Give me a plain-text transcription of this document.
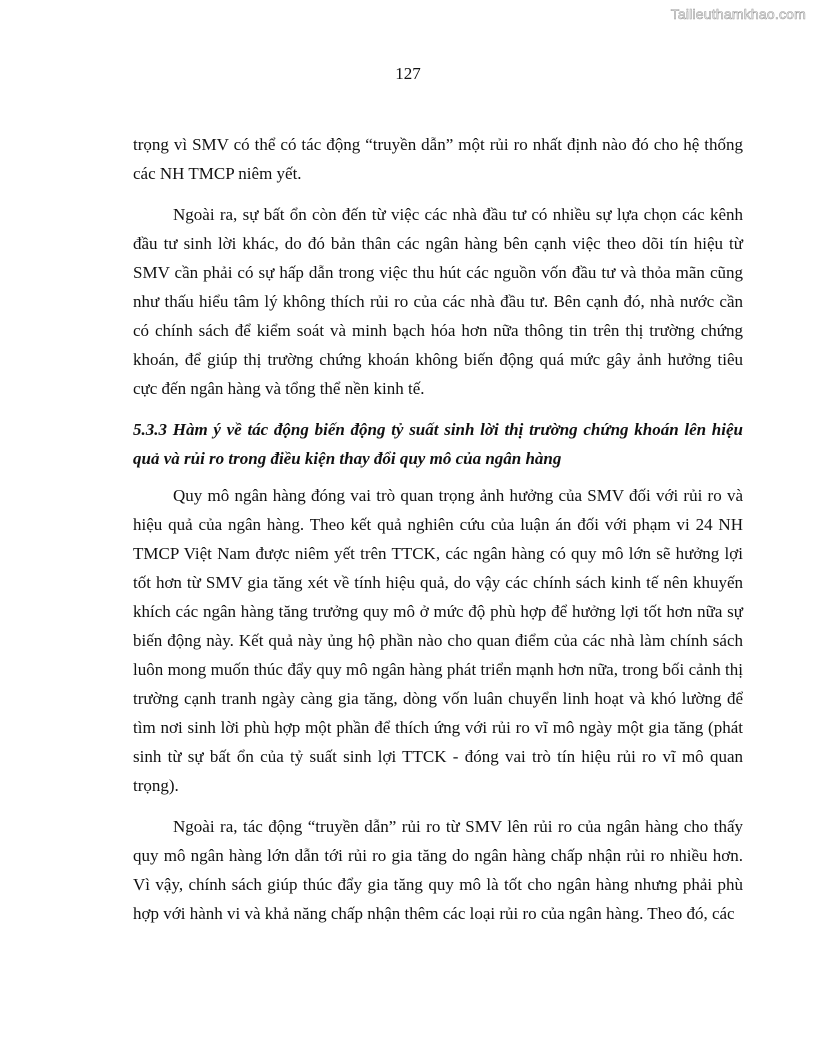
Tailieuthamkhao.com
127

trọng vì SMV có thể có tác động “truyền dẫn” một rủi ro nhất định nào đó cho hệ thống các NH TMCP niêm yết.

Ngoài ra, sự bất ổn còn đến từ việc các nhà đầu tư có nhiều sự lựa chọn các kênh đầu tư sinh lời khác, do đó bản thân các ngân hàng bên cạnh việc theo dõi tín hiệu từ SMV cần phải có sự hấp dẫn trong việc thu hút các nguồn vốn đầu tư và thỏa mãn cũng như thấu hiểu tâm lý không thích rủi ro của các nhà đầu tư. Bên cạnh đó, nhà nước cần có chính sách để kiểm soát và minh bạch hóa hơn nữa thông tin trên thị trường chứng khoán, để giúp thị trường chứng khoán không biến động quá mức gây ảnh hưởng tiêu cực đến ngân hàng và tổng thể nền kinh tế.

5.3.3 Hàm ý về tác động biến động tỷ suất sinh lời thị trường chứng khoán lên hiệu quả và rủi ro trong điều kiện thay đổi quy mô của ngân hàng

Quy mô ngân hàng đóng vai trò quan trọng ảnh hưởng của SMV đối với rủi ro và hiệu quả của ngân hàng. Theo kết quả nghiên cứu của luận án đối với phạm vi 24 NH TMCP Việt Nam được niêm yết trên TTCK, các ngân hàng có quy mô lớn sẽ hưởng lợi tốt hơn từ SMV gia tăng xét về tính hiệu quả, do vậy các chính sách kinh tế nên khuyến khích các ngân hàng tăng trưởng quy mô ở mức độ phù hợp để hưởng lợi tốt hơn nữa sự biến động này. Kết quả này ủng hộ phần nào cho quan điểm của các nhà làm chính sách luôn mong muốn thúc đẩy quy mô ngân hàng phát triển mạnh hơn nữa, trong bối cảnh thị trường cạnh tranh ngày càng gia tăng, dòng vốn luân chuyển linh hoạt và khó lường để tìm nơi sinh lời phù hợp một phần để thích ứng với rủi ro vĩ mô ngày một gia tăng (phát sinh từ sự bất ổn của tỷ suất sinh lợi TTCK - đóng vai trò tín hiệu rủi ro vĩ mô quan trọng).

Ngoài ra, tác động “truyền dẫn” rủi ro từ SMV lên rủi ro của ngân hàng cho thấy quy mô ngân hàng lớn dẫn tới rủi ro gia tăng do ngân hàng chấp nhận rủi ro nhiều hơn. Vì vậy, chính sách giúp thúc đẩy gia tăng quy mô là tốt cho ngân hàng nhưng phải phù hợp với hành vi và khả năng chấp nhận thêm các loại rủi ro của ngân hàng. Theo đó, các
